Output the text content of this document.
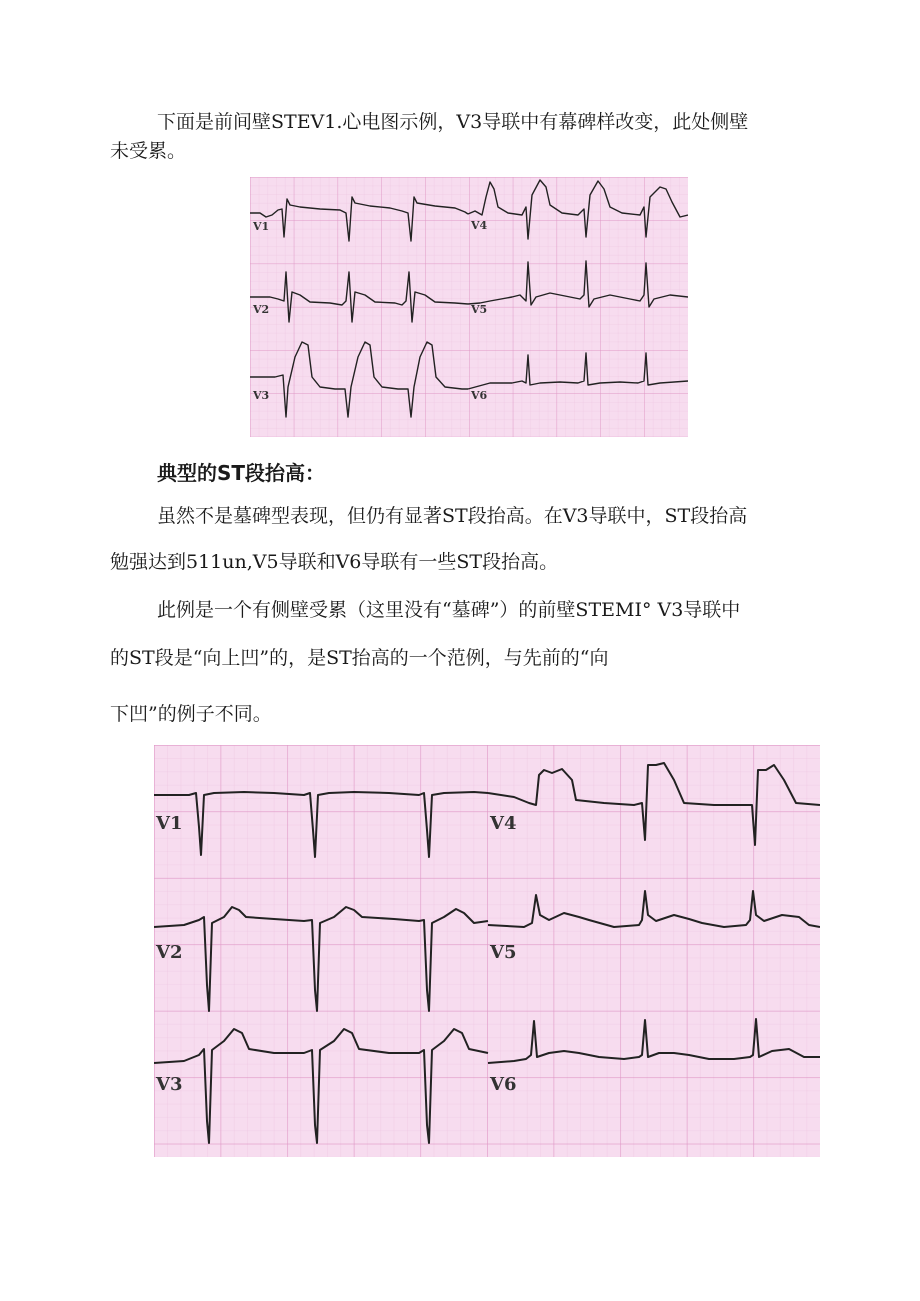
下面是前间壁STEV1.心电图示例，V3导联中有幕碑样改变，此处侧壁

未受累。

V1
V2
V3
V4
V5
V6
典型的ST段抬高：

虽然不是墓碑型表现，但仍有显著ST段抬高。在V3导联中，ST段抬高

勉强达到511un,V5导联和V6导联有一些ST段抬高。

此例是一个有侧壁受累（这里没有“墓碑”）的前壁STEMI° V3导联中

的ST段是“向上凹”的，是ST抬高的一个范例，与先前的“向

下凹”的例子不同。

V1
V2
V3
V4
V5
V6
